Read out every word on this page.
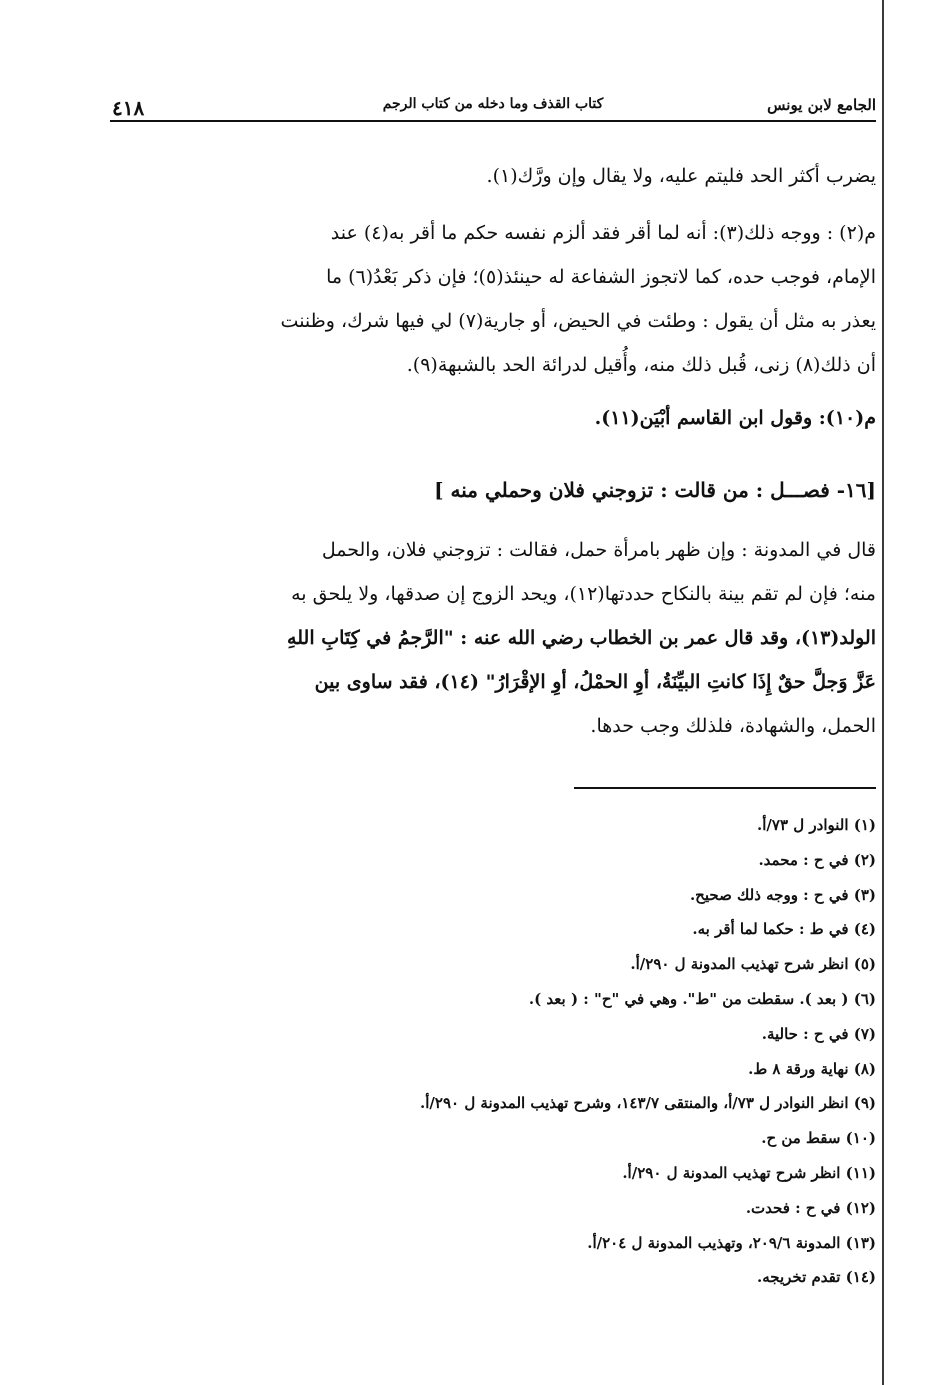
الجامع لابن يونس
كتاب القذف وما دخله من كتاب الرجم
٤١٨
يضرب أكثر الحد فليتم عليه، ولا يقال وإن ورَّك(١).
م(٢) : ووجه ذلك(٣): أنه لما أقر فقد ألزم نفسه حكم ما أقر به(٤) عند
الإمام، فوجب حده، كما لاتجوز الشفاعة له حينئذ(٥)؛ فإن ذكر بَعْدُ(٦) ما
يعذر به مثل أن يقول : وطئت في الحيض، أو جارية(٧) لي فيها شرك، وظننت
أن ذلك(٨) زنى، قُبل ذلك منه، وأُقيل لدرائة الحد بالشبهة(٩).
م(١٠): وقول ابن القاسم أبْيَن(١١).
[١٦- فصـــل : من قالت : تزوجني فلان وحملي منه ]
قال في المدونة : وإن ظهر بامرأة حمل، فقالت : تزوجني فلان، والحمل
منه؛ فإن لم تقم بينة بالنكاح حددتها(١٢)، ويحد الزوج إن صدقها، ولا يلحق به
الولد(١٣)، وقد قال عمر بن الخطاب رضي الله عنه : "الرَّجمُ في كِتَابِ اللهِ
عَزَّ وَجلَّ حقٌ إِذَا كانتِ البيِّنَةُ، أوِ الحمْلُ، أوِ الإقْرَارُ" (١٤)، فقد ساوى بين
الحمل، والشهادة، فلذلك وجب حدها.
(١) النوادر ل ٧٣/أ.
(٢) في ح : محمد.
(٣) في ح : ووجه ذلك صحيح.
(٤) في ط : حكما لما أقر به.
(٥) انظر شرح تهذيب المدونة ل ٢٩٠/أ.
(٦) ( بعد ). سقطت من "ط". وهي في "ح" : ( بعد ).
(٧) في ح : حالية.
(٨) نهاية ورقة ٨ ط.
(٩) انظر النوادر ل ٧٣/أ، والمنتقى ١٤٣/٧، وشرح تهذيب المدونة ل ٢٩٠/أ.
(١٠) سقط من ح.
(١١) انظر شرح تهذيب المدونة ل ٢٩٠/أ.
(١٢) في ح : فحدت.
(١٣) المدونة ٢٠٩/٦، وتهذيب المدونة ل ٢٠٤/أ.
(١٤) تقدم تخريجه.
